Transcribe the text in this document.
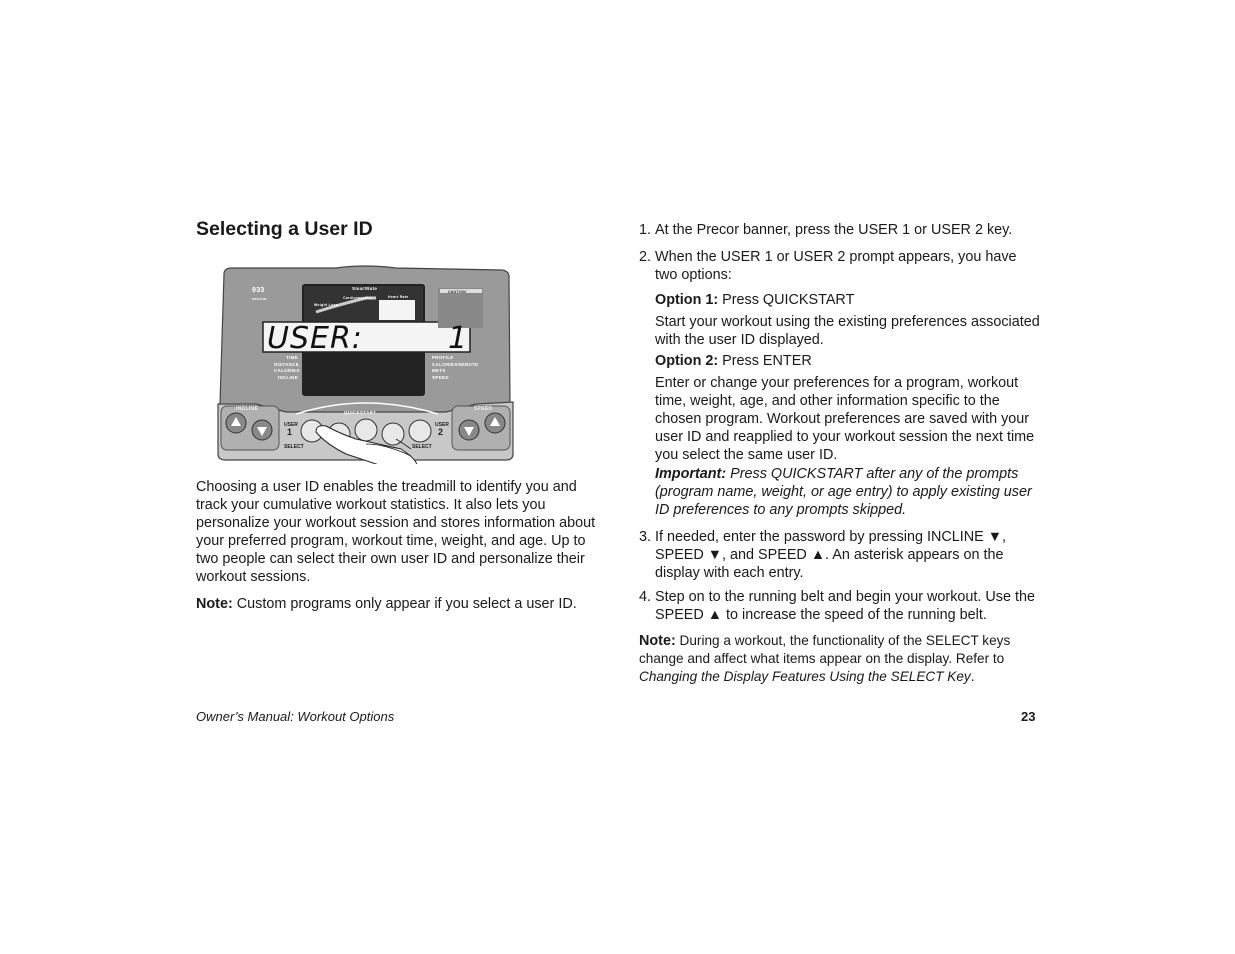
Selecting a User ID
933
PRECOR
SmartRate
Cardiovascular
Weight Loss
Heart Rate
CAUTION
USER:	1
TIME
DISTANCE
CALORIES
INCLINE
PROFILE
CALORIES/MINUTE
METS
SPEED
INCLINE	SPEED
QUICKSTART
USER
1
USER
2
SELECT	SELECT

Choosing a user ID enables the treadmill to identify you and track your cumulative workout statistics. It also lets you personalize your workout session and stores information about your preferred program, workout time, weight, and age. Up to two people can select their own user ID and personalize their workout sessions.

Note: Custom programs only appear if you select a user ID.

1. At the Precor banner, press the USER 1 or USER 2 key.

2. When the USER 1 or USER 2 prompt appears, you have two options:

Option 1: Press QUICKSTART

Start your workout using the existing preferences associated with the user ID displayed.

Option 2: Press ENTER

Enter or change your preferences for a program, workout time, weight, age, and other information specific to the chosen program. Workout preferences are saved with your user ID and reapplied to your workout session the next time you select the same user ID.

Important: Press QUICKSTART after any of the prompts (program name, weight, or age entry) to apply existing user ID preferences to any prompts skipped.

3. If needed, enter the password by pressing INCLINE ▼, SPEED ▼, and SPEED ▲. An asterisk appears on the display with each entry.

4. Step on to the running belt and begin your workout. Use the SPEED ▲ to increase the speed of the running belt.

Note: During a workout, the functionality of the SELECT keys change and affect what items appear on the display. Refer to Changing the Display Features Using the SELECT Key.

Owner’s Manual: Workout Options	23
